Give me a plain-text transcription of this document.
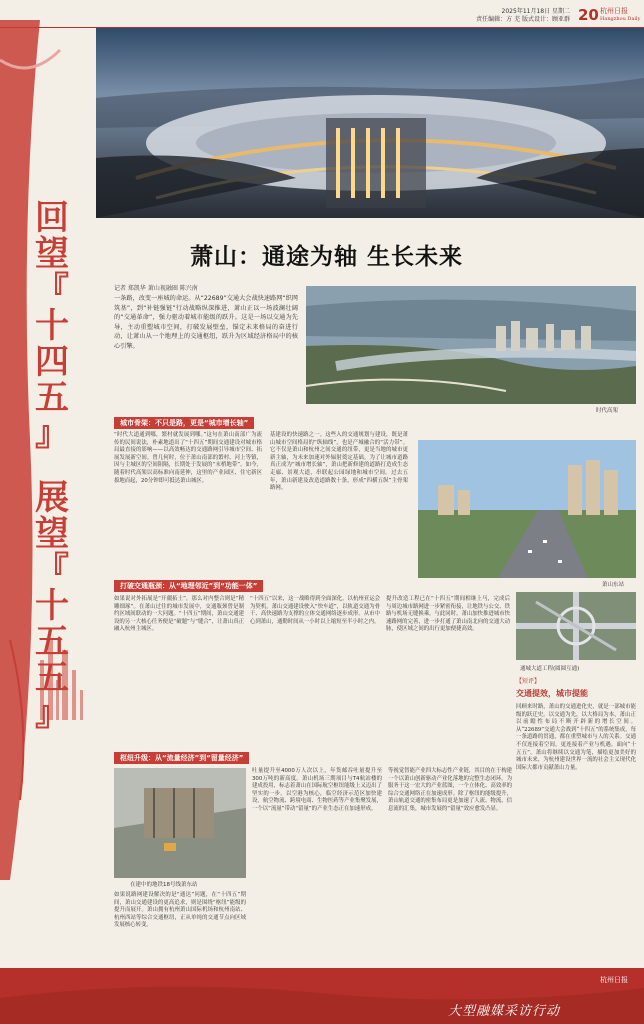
2025年11月18日 星期二
责任编辑：方 芜 版式设计：顾亚群 20 杭州日报
Hangzhou Daily
回
望
『
十
四
五
』
展
望
『
十
五
五
』
萧山：通途为轴 生长未来
记者 郑凯华 萧山视融圈 陈兴南
一条路，改变一座城的命运。从“22689”交通大会战快速路网“织网筑基”，到“补链强链”行动战略纵深推进，萧山正以一场波澜壮阔的“交通革命”，强力驱动着城市能级的跃升。这是一场以交通为先导，主动重塑城市空间，打破发展壁垒，锚定未来格局的奋进行动，让萧山从一个地理上的交通枢纽，跃升为区域经济格局中的核心引擎。
时代高架
城市骨架：不只是路，更是“城市增长轴”
“时代大道通到哪，繁村就发展到哪。”这句在萧山南部广为流传的民间说法，朴素地道出了“十四五”期间交通建设对城市格局最直接的影响——以高效畅达的交通路网引导城市空间、拓展发展新空间。曾几何时，位于萧山南部的繁村、河上等镇，因与主城区的空间阻隔，长期处于发展的“末梢地带”。如今，随着时代高架以高标准向南延伸，这里的产业园区、住宅新区拔地而起，20分钟即可抵达萧山城区。
基建设的快速路之一。这些入的交通规划与建设，既是萧山城市空间格局的“纵轴线”，也是产城融合的“活力带”。它不仅是萧山和杭州之间交通的纽带，更是当地的城市更新主轴，为未来加速对外辐射奠定基础。为了让城市道路真正成为“城市增长轴”，萧山把新修建的道路打造成生态走廊、景观大道，串联起公园绿地和城市空间。过去五年，萧山新建及改造道路数十条，形成“四横五纵”主骨架路网。
萧山东站
打破交通瓶颈：从“地理邻近”到“功能一体”
如果说对外拓展是“开疆拓土”，那么对内整合则是“精雕细琢”。在萧山过往的城市发展中，交通瓶颈曾是制约区域间联动的一大问题。“十四五”期间，萧山交通建设的另一大核心任务便是“破题”与“缝合”，让萧山真正融入杭州主城区。
“十四五”以来，这一战略得到全面深化。以杭州亚运会为契机，萧山交通建设驶入“快车道”，以轨道交通为骨干、高快速路为支撑的立体交通网络逐步成形。从市中心到萧山，通勤时间从一小时以上缩短至半小时之内。
提升改造工程已在“十四五”期间相继上马，完成后与周边城市路网进一步紧密衔接，让地铁与公交、铁路与机场无缝换乘。与此同时，萧山加快推进城市快速路网的完善，进一步打通了萧山南北向的交通大动脉，使区域之间的出行更加便捷高效。
通城大道工程(圆圆互通)
【短评】
交通提效，城市提能
回顾来时路，萧山的交通进化史，就是一部城市能级的跃迁史。以交通为先，以大格局为本，萧山正以前瞻性布局不断开辟新的增长空间。从“22689”交通大会战到“十四五”的系统集成，每一条道路的贯通，都在重塑城市与人的关系。交通不仅连接着空间，更连接着产业与机遇。面向“十五五”，萧山将继续以交通为笔，描绘更加美好的城市未来，为杭州建设世界一流的社会主义现代化国际大都市贡献萧山力量。
枢纽升级：从“流量经济”到“留量经济”
在建中的地铁18号线萧东站
如果说路网建设解决的是“通达”问题，在“十四五”期间，萧山交通建设的更高追求，则是围绕“枢纽”能级的提升而展开。萧山拥有杭州萧山国际机场和杭州南站、杭州西站等综合交通枢纽，正从单纯的交通节点向区域发展核心转变。
吐量提升至4000万人次以上，年货邮吞吐量提升至300万吨的新高度。萧山机场三期项目与T4航站楼的建成投用，标志着萧山在国际航空枢纽能级上又迈出了坚实的一步。以空港为核心，临空经济示范区加快建设，航空物流、跨境电商、生物医药等产业集聚发展，一个以“流量”带动“留量”的产业生态正在加速形成。
等视觉智能产业四大标志性产业链，其目的在于构建一个以萧山创新驱动产业化落地的完整生态闭环。为服务于这一宏大的产业蓝图，一个立体化、高效率的综合交通网络正在加速成形。除了枢纽的能级提升，萧山轨道交通的密集布局更是加速了人流、物流、信息流的汇集，城市发展的“留量”效应愈发凸显。
大型融媒采访行动
杭州日报
